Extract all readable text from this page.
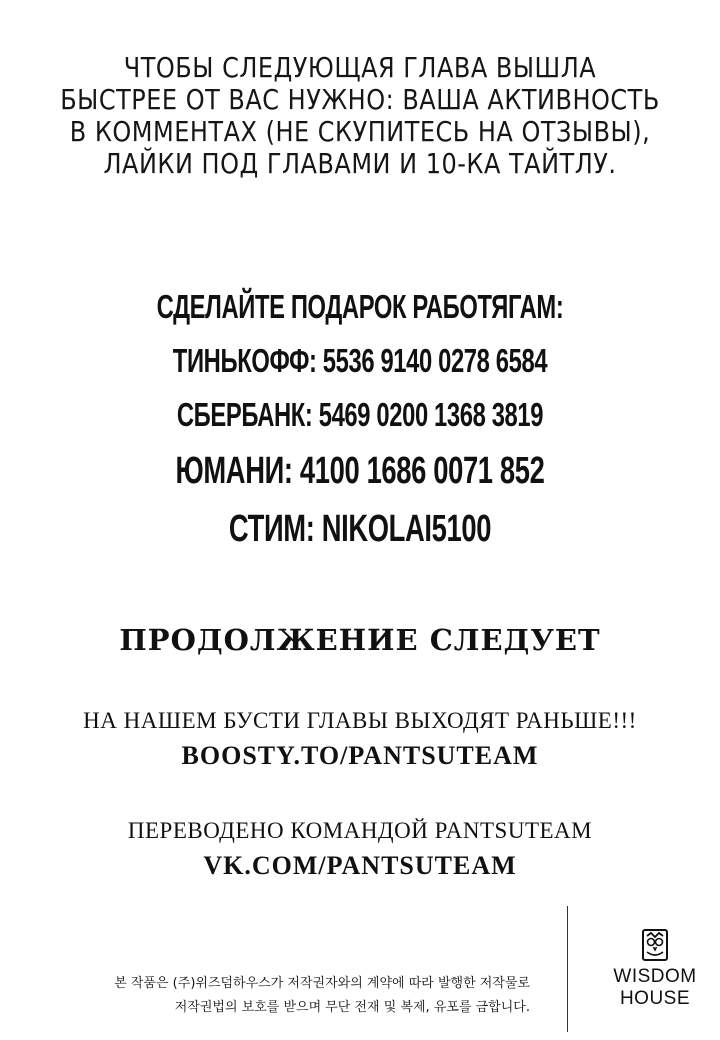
ЧТОБЫ СЛЕДУЮЩАЯ ГЛАВА ВЫШЛА
БЫСТРЕЕ ОТ ВАС НУЖНО: ВАША АКТИВНОСТЬ
В КОММЕНТАХ (НЕ СКУПИТЕСЬ НА ОТЗЫВЫ),
ЛАЙКИ ПОД ГЛАВАМИ И 10-КА ТАЙТЛУ.
СДЕЛАЙТЕ ПОДАРОК РАБОТЯГАМ:
ТИНЬКОФФ: 5536 9140 0278 6584
СБЕРБАНК: 5469 0200 1368 3819
ЮМАНИ: 4100 1686 0071 852
СТИМ: NIKOLAI5100
ПРОДОЛЖЕНИЕ СЛЕДУЕТ
НА НАШЕМ БУСТИ ГЛАВЫ ВЫХОДЯТ РАНЬШЕ!!!
BOOSTY.TO/PANTSUTEAM
ПЕРЕВОДЕНО КОМАНДОЙ PANTSUTEAM
VK.COM/PANTSUTEAM
본 작품은 (주)위즈덤하우스가 저작권자와의 계약에 따라 발행한 저작물로
저작권법의 보호를 받으며 무단 전재 및 복제, 유포를 금합니다.
WISDOM
HOUSE
